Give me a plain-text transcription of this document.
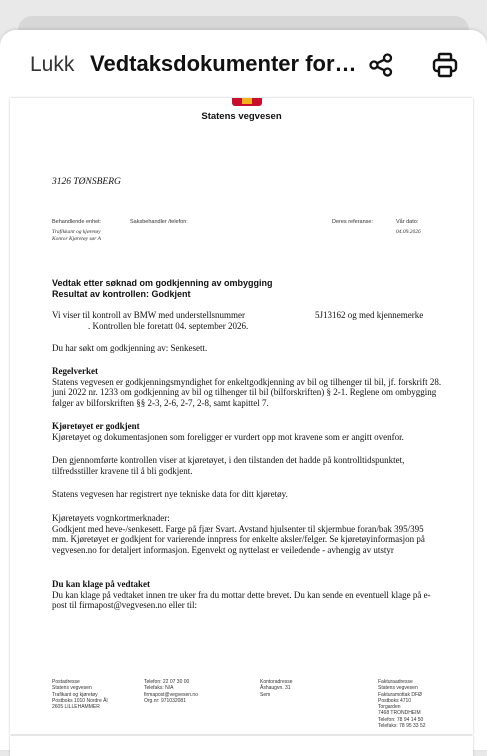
Lukk Vedtaksdokumenter for…
Statens vegvesen
3126 TØNSBERG
Behandlende enhet:	Saksbehandler /telefon:	Deres referanse:	Vår dato:
Trafikkant og kjøretøy
Kontor Kjøretøy sør A
04.09.2026
Vedtak etter søknad om godkjenning av ombygging
Resultat av kontrollen: Godkjent
Vi viser til kontroll av BMW med understellsnummer	5J13162 og med kjennemerke
. Kontrollen ble foretatt 04. september 2026.
Du har søkt om godkjenning av: Senkesett.
Regelverket
Statens vegvesen er godkjenningsmyndighet for enkeltgodkjenning av bil og tilhenger til bil, jf. forskrift 28. juni 2022 nr. 1233 om godkjenning av bil og tilhenger til bil (bilforskriften) § 2-1. Reglene om ombygging følger av bilforskriften §§ 2-3, 2-6, 2-7, 2-8, samt kapittel 7.
Kjøretøyet er godkjent
Kjøretøyet og dokumentasjonen som foreligger er vurdert opp mot kravene som er angitt ovenfor.
Den gjennomførte kontrollen viser at kjøretøyet, i den tilstanden det hadde på kontrolltidspunktet, tilfredsstiller kravene til å bli godkjent.
Statens vegvesen har registrert nye tekniske data for ditt kjøretøy.
Kjøretøyets vognkortmerknader:
Godkjent med heve-/senkesett. Farge på fjær Svart. Avstand hjulsenter til skjermbue foran/bak 395/395 mm. Kjøretøyet er godkjent for varierende innpress for enkelte aksler/felger. Se kjøretøyinformasjon på vegvesen.no for detaljert informasjon. Egenvekt og nyttelast er veiledende - avhengig av utstyr
Du kan klage på vedtaket
Du kan klage på vedtaket innen tre uker fra du mottar dette brevet. Du kan sende en eventuell klage på e-post til firmapost@vegvesen.no eller til:
Postadresse
Statens vegvesen
Trafikant og kjøretøy
Postboks 1010 Nordre Ål
2605 LILLEHAMMER
Telefon: 22 07 30 00
Telefaks: N/A
firmapost@vegvesen.no
Org.nr: 971032081
Kontoradresse
Åshaugvn. 31
Sem
Fakturaadresse
Statens vegvesen
Fakturamottak DFØ
Postboks 4710
Torgarden
7468 TRONDHEIM
Telefon: 78 94 14 50
Telefaks: 78 95 33 52
